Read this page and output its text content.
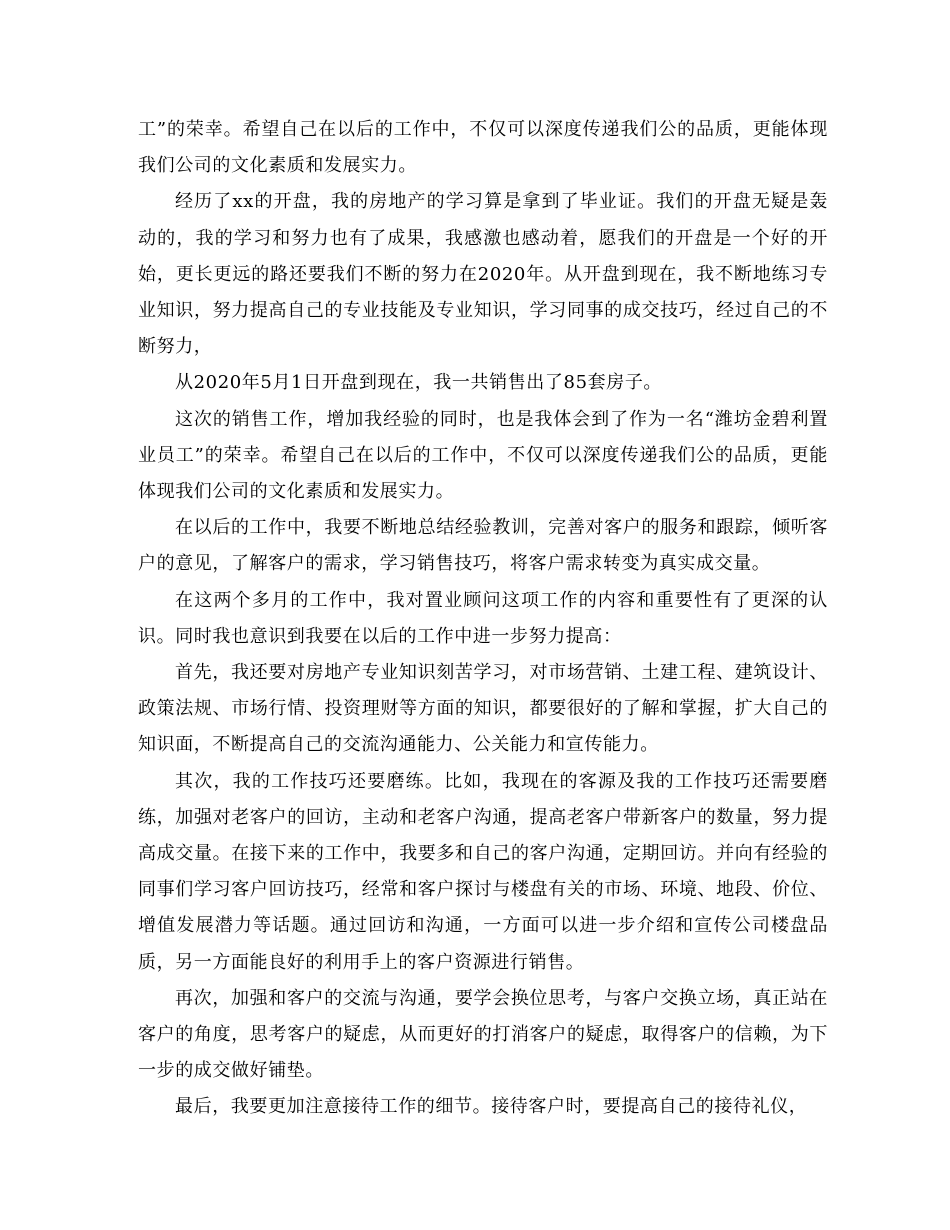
工”的荣幸。希望自己在以后的工作中，不仅可以深度传递我们公的品质，更能体现我们公司的文化素质和发展实力。

经历了xx的开盘，我的房地产的学习算是拿到了毕业证。我们的开盘无疑是轰动的，我的学习和努力也有了成果，我感激也感动着，愿我们的开盘是一个好的开始，更长更远的路还要我们不断的努力在2020年。从开盘到现在，我不断地练习专业知识，努力提高自己的专业技能及专业知识，学习同事的成交技巧，经过自己的不断努力，

从2020年5月1日开盘到现在，我一共销售出了85套房子。

这次的销售工作，增加我经验的同时，也是我体会到了作为一名“潍坊金碧利置业员工”的荣幸。希望自己在以后的工作中，不仅可以深度传递我们公的品质，更能体现我们公司的文化素质和发展实力。

在以后的工作中，我要不断地总结经验教训，完善对客户的服务和跟踪，倾听客户的意见，了解客户的需求，学习销售技巧，将客户需求转变为真实成交量。

在这两个多月的工作中，我对置业顾问这项工作的内容和重要性有了更深的认识。同时我也意识到我要在以后的工作中进一步努力提高：

首先，我还要对房地产专业知识刻苦学习，对市场营销、土建工程、建筑设计、政策法规、市场行情、投资理财等方面的知识，都要很好的了解和掌握，扩大自己的知识面，不断提高自己的交流沟通能力、公关能力和宣传能力。

其次，我的工作技巧还要磨练。比如，我现在的客源及我的工作技巧还需要磨练，加强对老客户的回访，主动和老客户沟通，提高老客户带新客户的数量，努力提高成交量。在接下来的工作中，我要多和自己的客户沟通，定期回访。并向有经验的同事们学习客户回访技巧，经常和客户探讨与楼盘有关的市场、环境、地段、价位、增值发展潜力等话题。通过回访和沟通，一方面可以进一步介绍和宣传公司楼盘品质，另一方面能良好的利用手上的客户资源进行销售。

再次，加强和客户的交流与沟通，要学会换位思考，与客户交换立场，真正站在客户的角度，思考客户的疑虑，从而更好的打消客户的疑虑，取得客户的信赖，为下一步的成交做好铺垫。

最后，我要更加注意接待工作的细节。接待客户时，要提高自己的接待礼仪，
